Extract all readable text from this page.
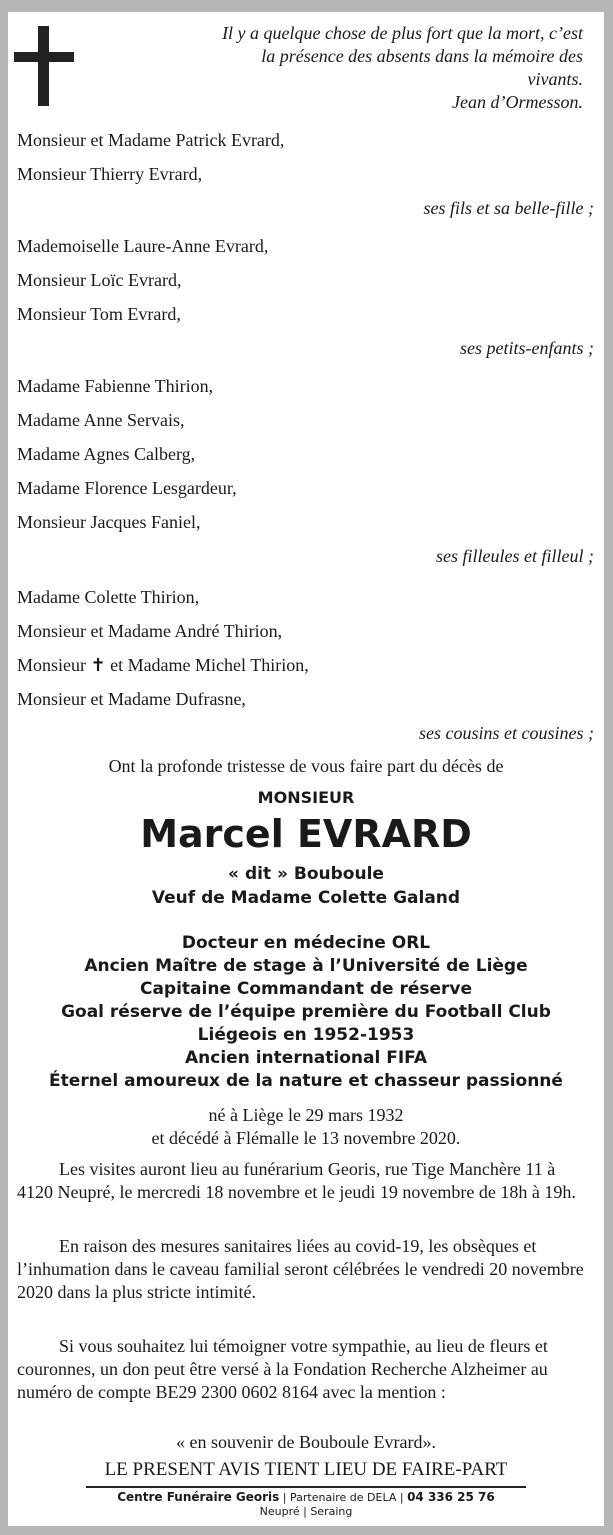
Il y a quelque chose de plus fort que la mort, c’est
la présence des absents dans la mémoire des
vivants.
Jean d’Ormesson.
Monsieur et Madame Patrick Evrard,
Monsieur Thierry Evrard,
ses fils et sa belle-fille ;
Mademoiselle Laure-Anne Evrard,
Monsieur Loïc Evrard,
Monsieur Tom Evrard,
ses petits-enfants ;
Madame Fabienne Thirion,
Madame Anne Servais,
Madame Agnes Calberg,
Madame Florence Lesgardeur,
Monsieur Jacques Faniel,
ses filleules et filleul ;
Madame Colette Thirion,
Monsieur et Madame André Thirion,
Monsieur ✝ et Madame Michel Thirion,
Monsieur et Madame Dufrasne,
ses cousins et cousines ;
Ont la profonde tristesse de vous faire part du décès de
MONSIEUR
Marcel EVRARD
« dit » Bouboule
Veuf de Madame Colette Galand
Docteur en médecine ORL
Ancien Maître de stage à l’Université de Liège
Capitaine Commandant de réserve
Goal réserve de l’équipe première du Football Club
Liégeois en 1952-1953
Ancien international FIFA
Éternel amoureux de la nature et chasseur passionné
né à Liège le 29 mars 1932
et décédé à Flémalle le 13 novembre 2020.
Les visites auront lieu au funérarium Georis, rue Tige Manchère 11 à 4120 Neupré, le mercredi 18 novembre et le jeudi 19 novembre de 18h à 19h.
En raison des mesures sanitaires liées au covid-19, les obsèques et l’inhumation dans le caveau familial seront célébrées le vendredi 20 novembre 2020 dans la plus stricte intimité.
Si vous souhaitez lui témoigner votre sympathie, au lieu de fleurs et couronnes, un don peut être versé à la Fondation Recherche Alzheimer au numéro de compte BE29 2300 0602 8164 avec la mention :
« en souvenir de Bouboule Evrard».
LE PRESENT AVIS TIENT LIEU DE FAIRE-PART
Centre Funéraire Georis | Partenaire de DELA | 04 336 25 76
Neupré | Seraing
